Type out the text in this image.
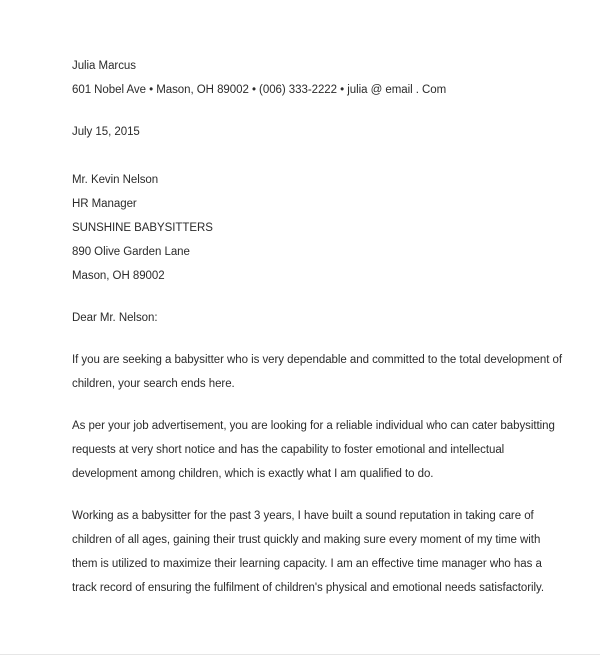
Julia Marcus
601 Nobel Ave • Mason, OH 89002 • (006) 333-2222 • julia @ email . Com
July 15, 2015
Mr. Kevin Nelson
HR Manager
SUNSHINE BABYSITTERS
890 Olive Garden Lane
Mason, OH 89002
Dear Mr. Nelson:
If you are seeking a babysitter who is very dependable and committed to the total development of
children, your search ends here.
As per your job advertisement, you are looking for a reliable individual who can cater babysitting
requests at very short notice and has the capability to foster emotional and intellectual
development among children, which is exactly what I am qualified to do.
Working as a babysitter for the past 3 years, I have built a sound reputation in taking care of
children of all ages, gaining their trust quickly and making sure every moment of my time with
them is utilized to maximize their learning capacity. I am an effective time manager who has a
track record of ensuring the fulfilment of children's physical and emotional needs satisfactorily.
